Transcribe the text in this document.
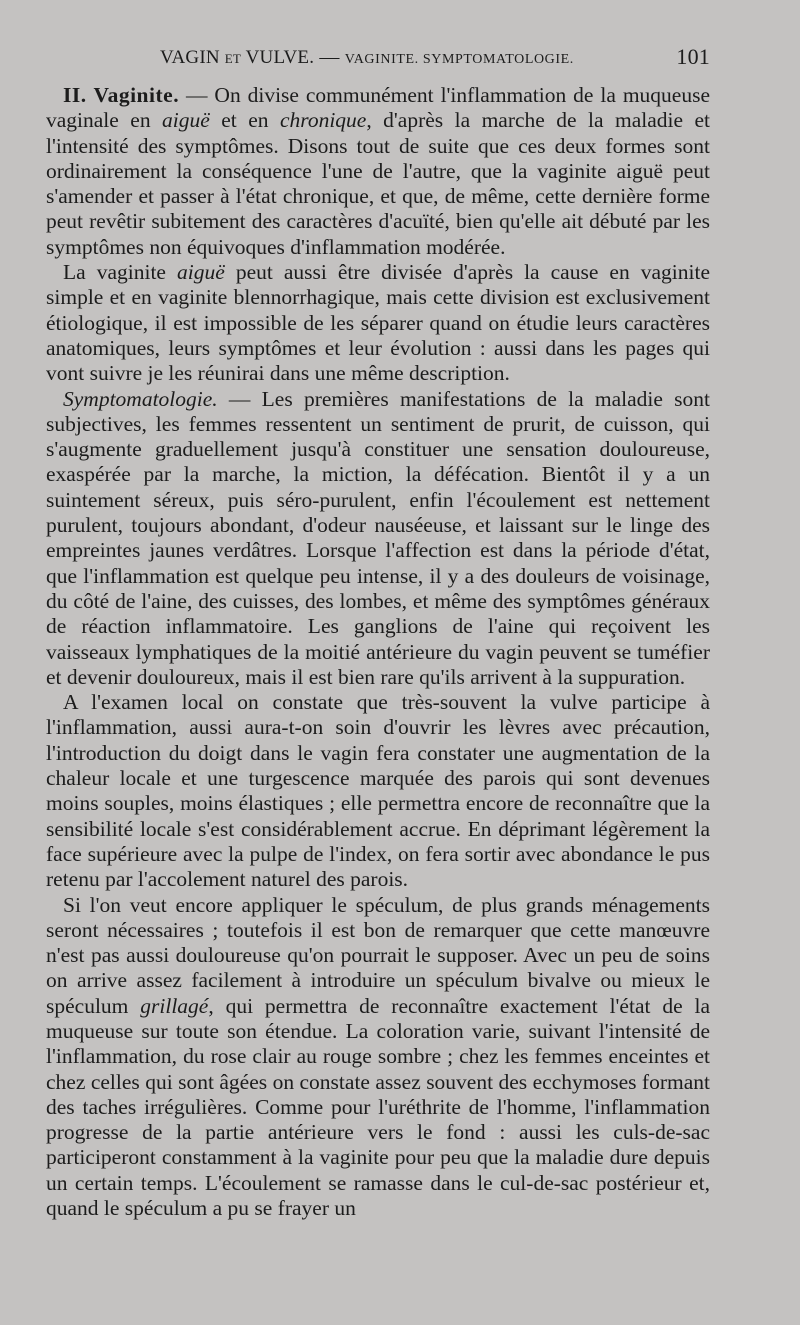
VAGIN et VULVE. — VAGINITE. SYMPTOMATOLOGIE.	101

II. Vaginite. — On divise communément l'inflammation de la muqueuse vaginale en aiguë et en chronique, d'après la marche de la maladie et l'intensité des symptômes. Disons tout de suite que ces deux formes sont ordinairement la conséquence l'une de l'autre, que la vaginite aiguë peut s'amender et passer à l'état chronique, et que, de même, cette dernière forme peut revêtir subitement des caractères d'acuïté, bien qu'elle ait débuté par les symptômes non équivoques d'inflammation modérée.

La vaginite aiguë peut aussi être divisée d'après la cause en vaginite simple et en vaginite blennorrhagique, mais cette division est exclusivement étiologique, il est impossible de les séparer quand on étudie leurs caractères anatomiques, leurs symptômes et leur évolution : aussi dans les pages qui vont suivre je les réunirai dans une même description.

Symptomatologie. — Les premières manifestations de la maladie sont subjectives, les femmes ressentent un sentiment de prurit, de cuisson, qui s'augmente graduellement jusqu'à constituer une sensation douloureuse, exaspérée par la marche, la miction, la défécation. Bientôt il y a un suintement séreux, puis séro-purulent, enfin l'écoulement est nettement purulent, toujours abondant, d'odeur nauséeuse, et laissant sur le linge des empreintes jaunes verdâtres. Lorsque l'affection est dans la période d'état, que l'inflammation est quelque peu intense, il y a des douleurs de voisinage, du côté de l'aine, des cuisses, des lombes, et même des symptômes généraux de réaction inflammatoire. Les ganglions de l'aine qui reçoivent les vaisseaux lymphatiques de la moitié antérieure du vagin peuvent se tuméfier et devenir douloureux, mais il est bien rare qu'ils arrivent à la suppuration.

A l'examen local on constate que très-souvent la vulve participe à l'inflammation, aussi aura-t-on soin d'ouvrir les lèvres avec précaution, l'introduction du doigt dans le vagin fera constater une augmentation de la chaleur locale et une turgescence marquée des parois qui sont devenues moins souples, moins élastiques ; elle permettra encore de reconnaître que la sensibilité locale s'est considérablement accrue. En déprimant légèrement la face supérieure avec la pulpe de l'index, on fera sortir avec abondance le pus retenu par l'accolement naturel des parois.

Si l'on veut encore appliquer le spéculum, de plus grands ménagements seront nécessaires ; toutefois il est bon de remarquer que cette manœuvre n'est pas aussi douloureuse qu'on pourrait le supposer. Avec un peu de soins on arrive assez facilement à introduire un spéculum bivalve ou mieux le spéculum grillagé, qui permettra de reconnaître exactement l'état de la muqueuse sur toute son étendue. La coloration varie, suivant l'intensité de l'inflammation, du rose clair au rouge sombre ; chez les femmes enceintes et chez celles qui sont âgées on constate assez souvent des ecchymoses formant des taches irrégulières. Comme pour l'uréthrite de l'homme, l'inflammation progresse de la partie antérieure vers le fond : aussi les culs-de-sac participeront constamment à la vaginite pour peu que la maladie dure depuis un certain temps. L'écoulement se ramasse dans le cul-de-sac postérieur et, quand le spéculum a pu se frayer un
